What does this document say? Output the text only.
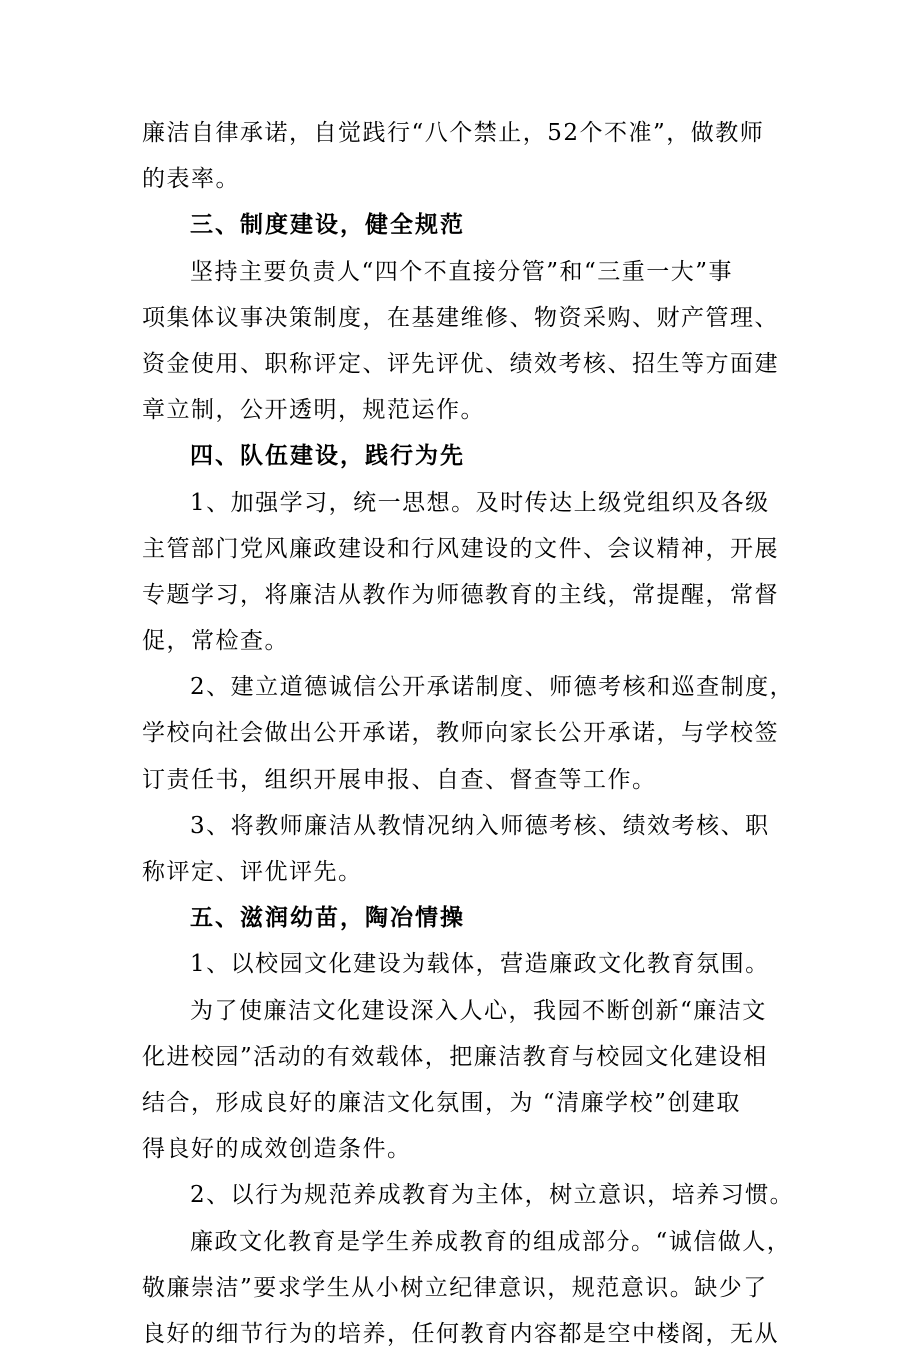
廉洁自律承诺，自觉践行“八个禁止，52个不准”，做教师
的表率。
三、制度建设，健全规范
坚持主要负责人“四个不直接分管”和“三重一大”事
项集体议事决策制度，在基建维修、物资采购、财产管理、
资金使用、职称评定、评先评优、绩效考核、招生等方面建
章立制，公开透明，规范运作。
四、队伍建设，践行为先
1、加强学习，统一思想。及时传达上级党组织及各级
主管部门党风廉政建设和行风建设的文件、会议精神，开展
专题学习，将廉洁从教作为师德教育的主线，常提醒，常督
促，常检查。
2、建立道德诚信公开承诺制度、师德考核和巡查制度，
学校向社会做出公开承诺，教师向家长公开承诺，与学校签
订责任书，组织开展申报、自查、督查等工作。
3、将教师廉洁从教情况纳入师德考核、绩效考核、职
称评定、评优评先。
五、滋润幼苗，陶冶情操
1、以校园文化建设为载体，营造廉政文化教育氛围。
为了使廉洁文化建设深入人心，我园不断创新“廉洁文
化进校园”活动的有效载体，把廉洁教育与校园文化建设相
结合，形成良好的廉洁文化氛围，为 “清廉学校”创建取
得良好的成效创造条件。
2、以行为规范养成教育为主体，树立意识，培养习惯。
廉政文化教育是学生养成教育的组成部分。“诚信做人，
敬廉崇洁”要求学生从小树立纪律意识，规范意识。缺少了
良好的细节行为的培养，任何教育内容都是空中楼阁，无从
